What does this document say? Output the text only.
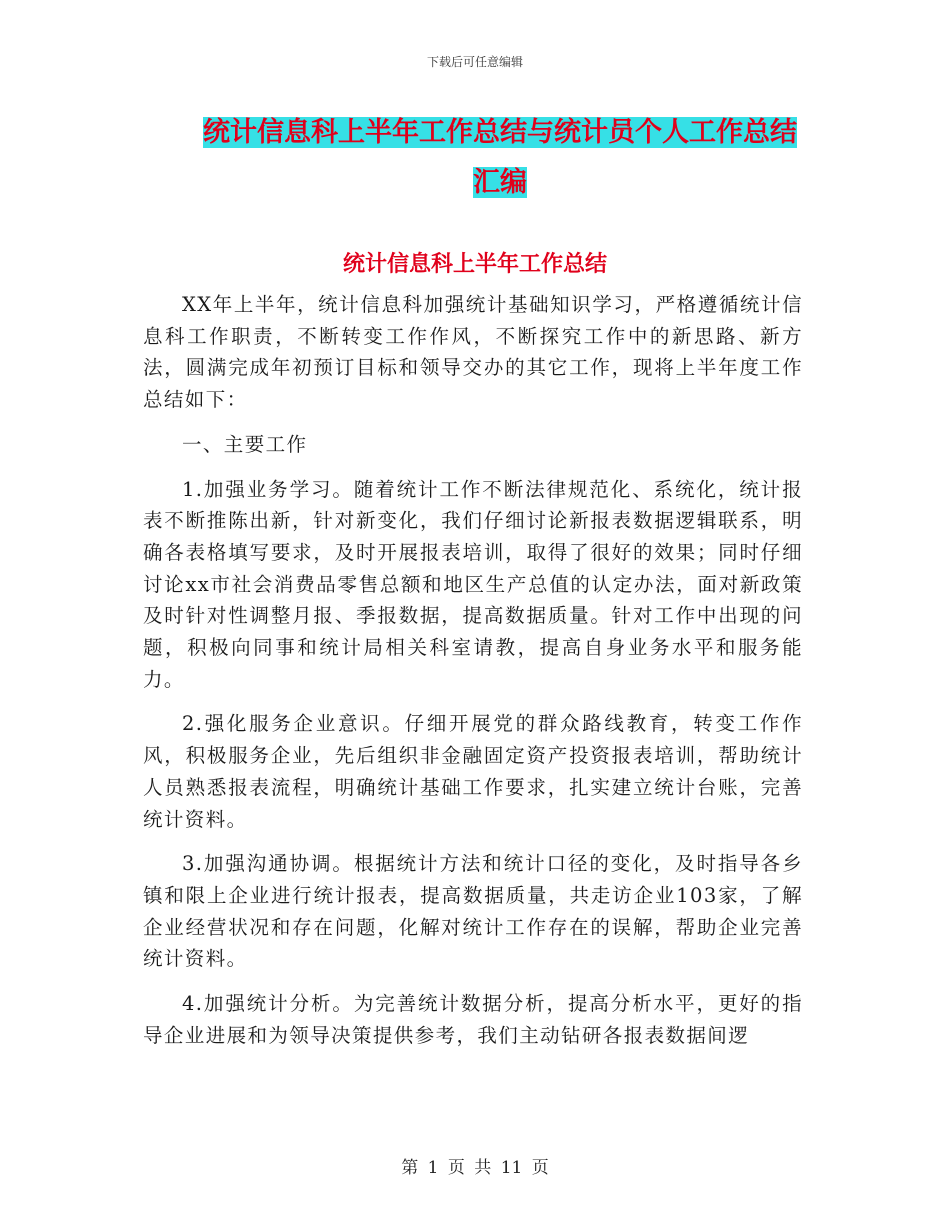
下载后可任意编辑
统计信息科上半年工作总结与统计员个人工作总结汇编
统计信息科上半年工作总结

XX年上半年，统计信息科加强统计基础知识学习，严格遵循统计信息科工作职责，不断转变工作作风，不断探究工作中的新思路、新方法，圆满完成年初预订目标和领导交办的其它工作，现将上半年度工作总结如下：

一、主要工作

1.加强业务学习。随着统计工作不断法律规范化、系统化，统计报表不断推陈出新，针对新变化，我们仔细讨论新报表数据逻辑联系，明确各表格填写要求，及时开展报表培训，取得了很好的效果；同时仔细讨论xx市社会消费品零售总额和地区生产总值的认定办法，面对新政策及时针对性调整月报、季报数据，提高数据质量。针对工作中出现的问题，积极向同事和统计局相关科室请教，提高自身业务水平和服务能力。

2.强化服务企业意识。仔细开展党的群众路线教育，转变工作作风，积极服务企业，先后组织非金融固定资产投资报表培训，帮助统计人员熟悉报表流程，明确统计基础工作要求，扎实建立统计台账，完善统计资料。

3.加强沟通协调。根据统计方法和统计口径的变化，及时指导各乡镇和限上企业进行统计报表，提高数据质量，共走访企业103家，了解企业经营状况和存在问题，化解对统计工作存在的误解，帮助企业完善统计资料。

4.加强统计分析。为完善统计数据分析，提高分析水平，更好的指导企业进展和为领导决策提供参考，我们主动钻研各报表数据间逻

第 1 页 共 11 页
